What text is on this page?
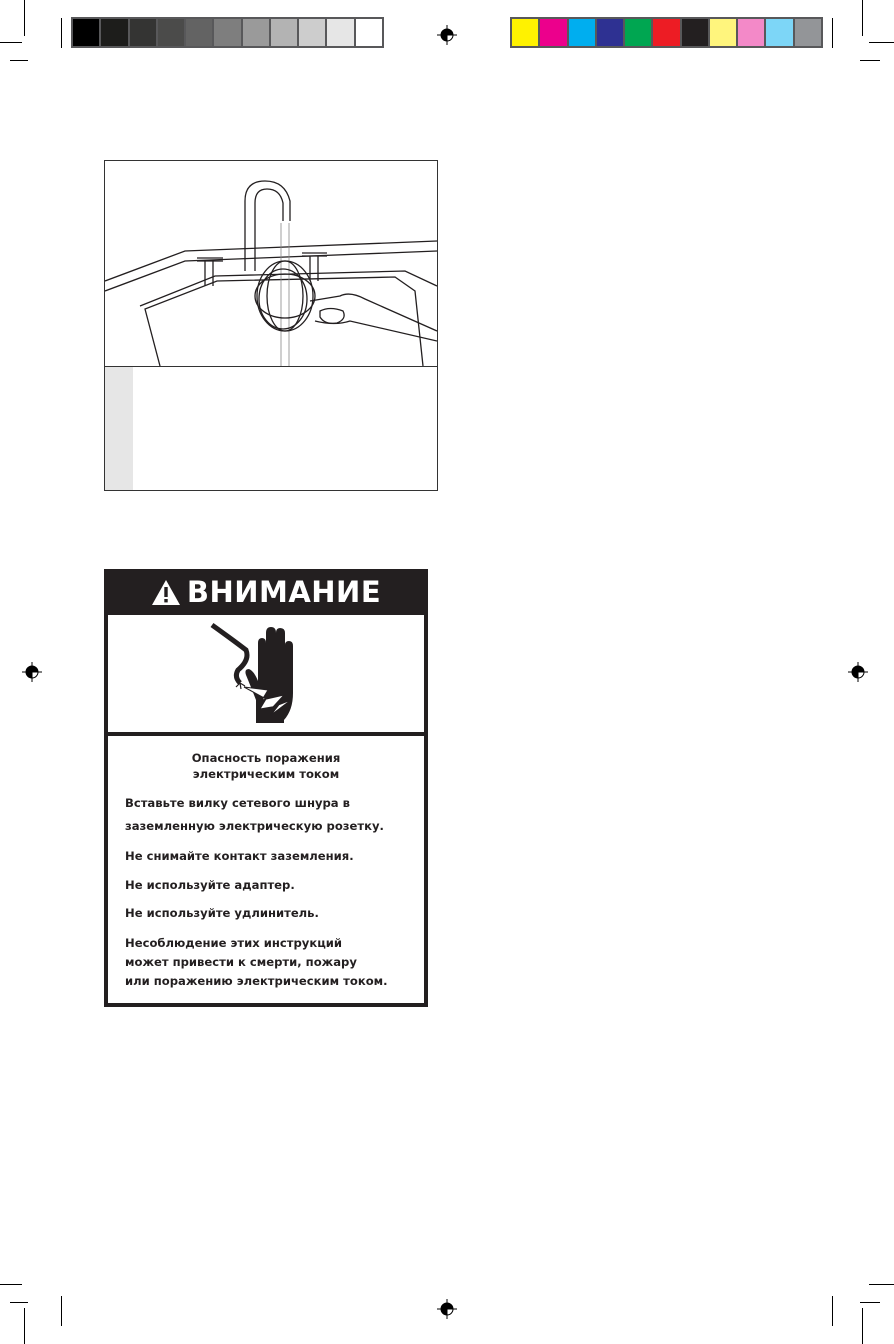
ВНИМАНИЕ

Опасность поражения

электрическим током

Вставьте вилку сетевого шнура в

заземленную электрическую розетку.

Не снимайте контакт заземления.

Не используйте адаптер.

Не используйте удлинитель.

Несоблюдение этих инструкций

может привести к смерти, пожару

или поражению электрическим током.
